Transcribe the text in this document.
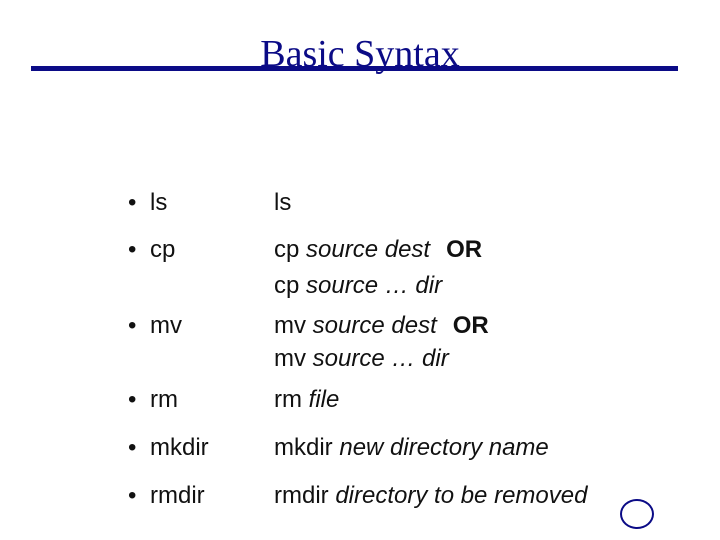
Basic Syntax
• ls
• cp
• mv
• rm
• mkdir
• rmdir
ls
cp source dest OR
cp source … dir
mv source dest OR
mv source … dir
rm file
mkdir new directory name
rmdir directory to be removed
